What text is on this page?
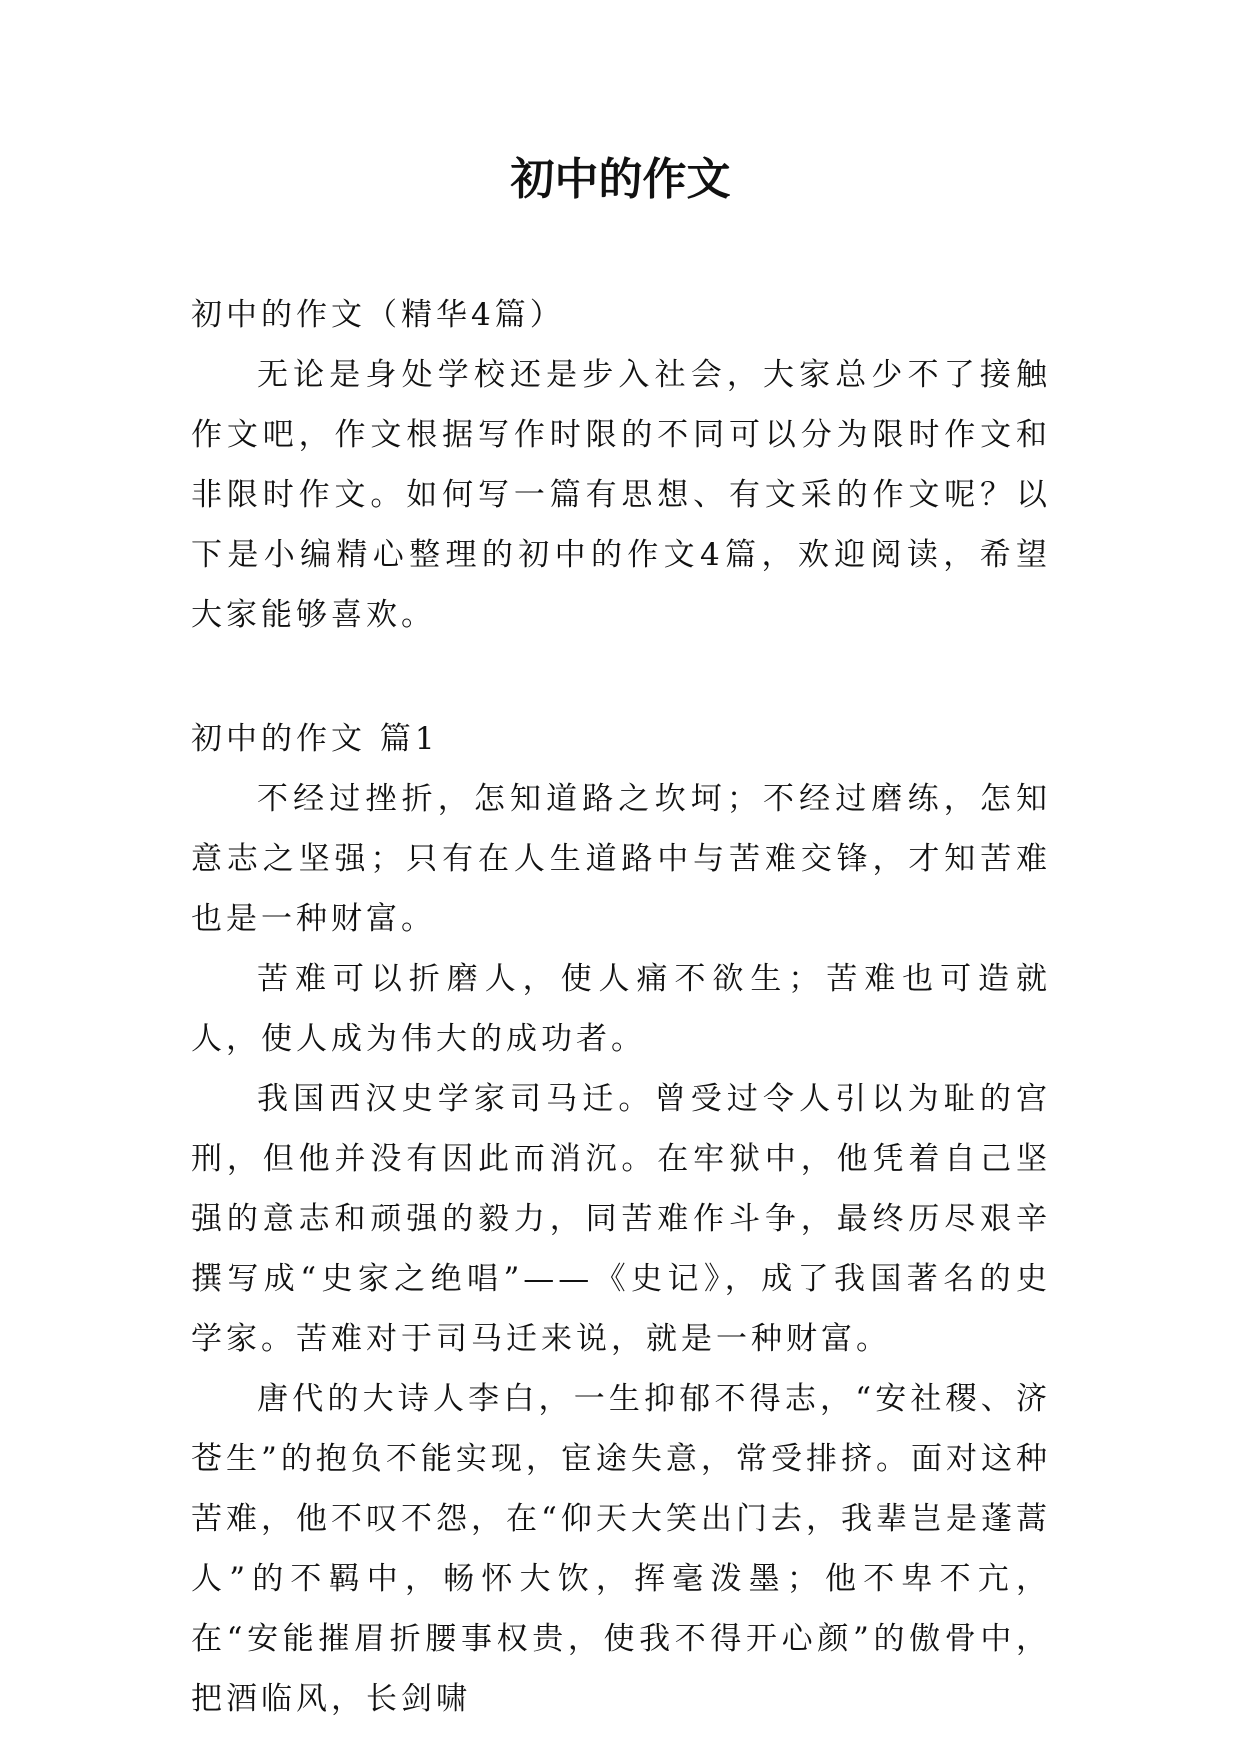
初中的作文

初中的作文（精华4篇）

无论是身处学校还是步入社会，大家总少不了接触作文吧，作文根据写作时限的不同可以分为限时作文和非限时作文。如何写一篇有思想、有文采的作文呢？以下是小编精心整理的初中的作文4篇，欢迎阅读，希望大家能够喜欢。

初中的作文 篇1

不经过挫折，怎知道路之坎坷；不经过磨练，怎知意志之坚强；只有在人生道路中与苦难交锋，才知苦难也是一种财富。

苦难可以折磨人，使人痛不欲生；苦难也可造就人，使人成为伟大的成功者。

我国西汉史学家司马迁。曾受过令人引以为耻的宫刑，但他并没有因此而消沉。在牢狱中，他凭着自己坚强的意志和顽强的毅力，同苦难作斗争，最终历尽艰辛撰写成“史家之绝唱”——《史记》，成了我国著名的史学家。苦难对于司马迁来说，就是一种财富。

唐代的大诗人李白，一生抑郁不得志，“安社稷、济苍生”的抱负不能实现，宦途失意，常受排挤。面对这种苦难，他不叹不怨，在“仰天大笑出门去，我辈岂是蓬蒿人”的不羁中，畅怀大饮，挥毫泼墨；他不卑不亢，在“安能摧眉折腰事权贵，使我不得开心颜”的傲骨中，把酒临风，长剑啸
